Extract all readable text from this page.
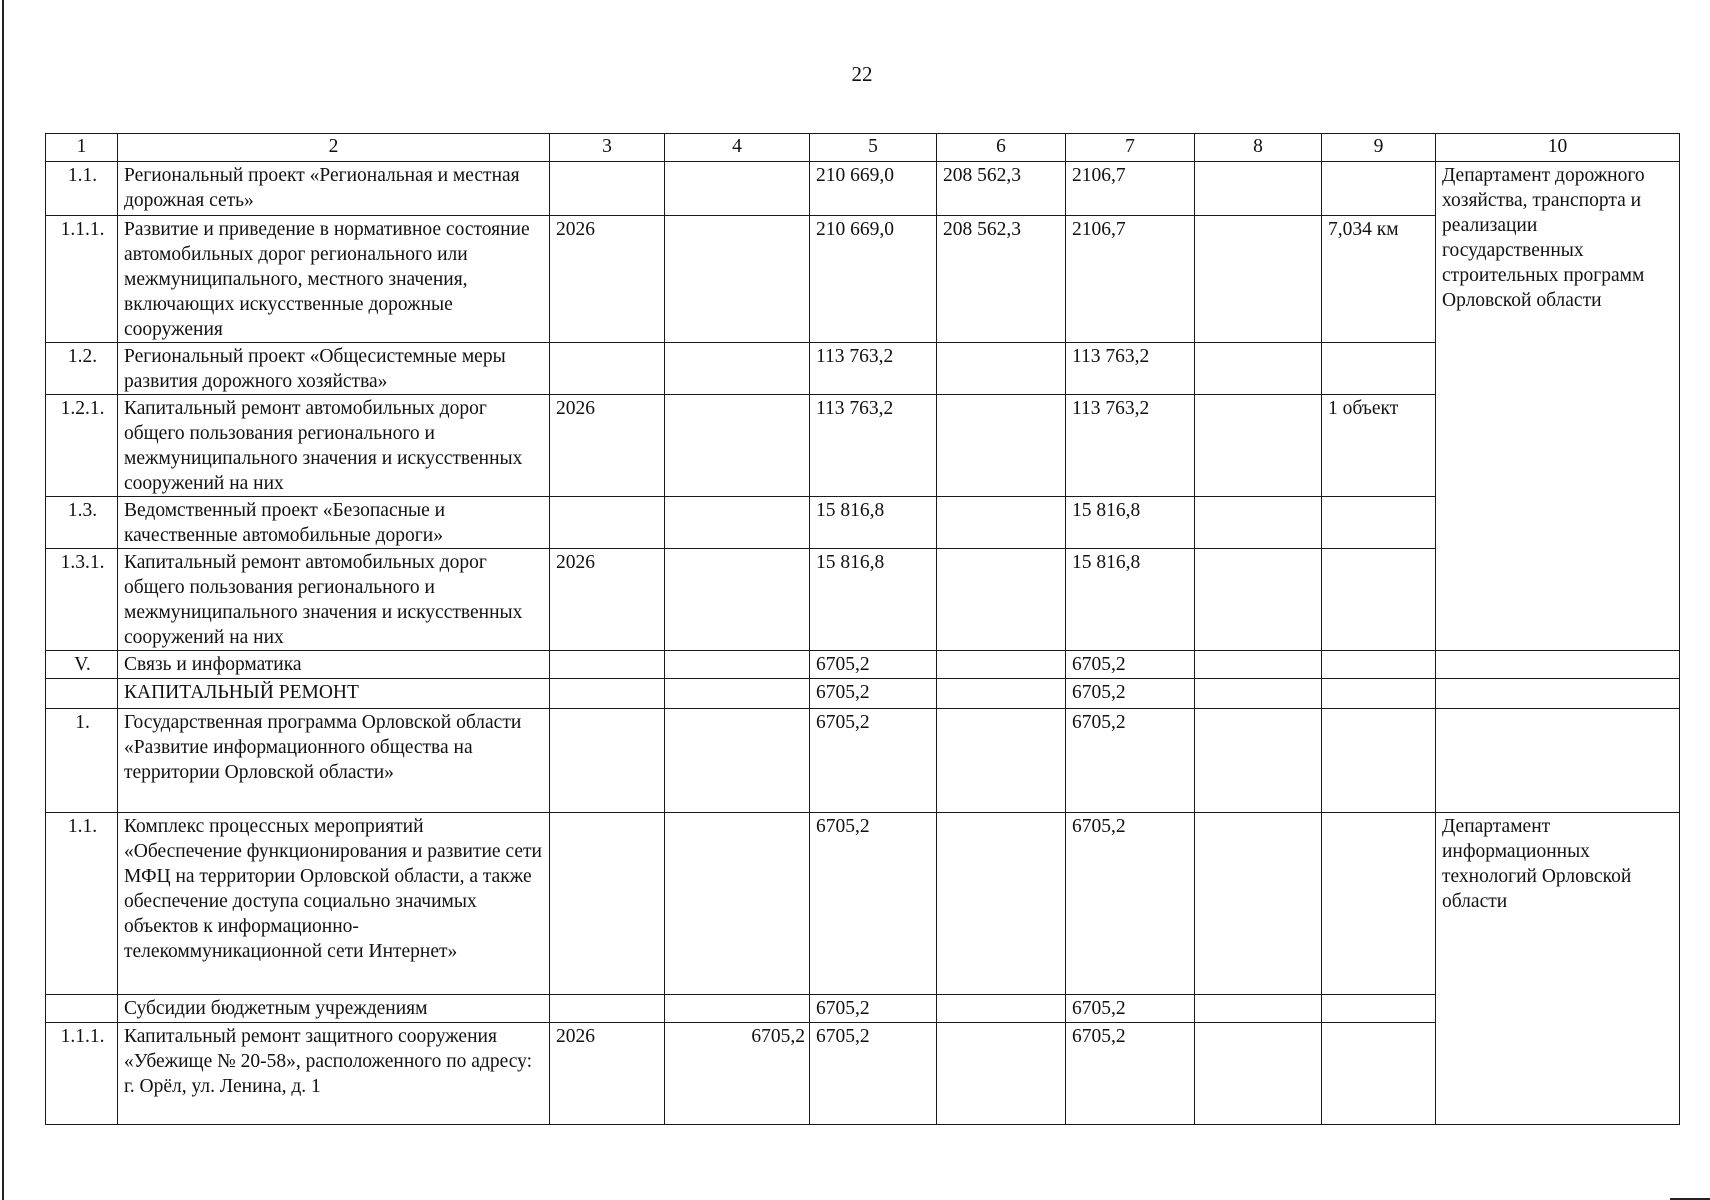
22
1	2	3	4	5	6	7	8	9	10
1.1.	Региональный проект «Региональная и местная дорожная сеть»			210 669,0	208 562,3	2106,7			Департамент дорожного хозяйства, транспорта и реализации государственных строительных программ Орловской области
1.1.1.	Развитие и приведение в нормативное состояние автомобильных дорог регионального или межмуниципального, местного значения, включающих искусственные дорожные сооружения	2026		210 669,0	208 562,3	2106,7		7,034 км	
1.2.	Региональный проект «Общесистемные меры развития дорожного хозяйства»			113 763,2		113 763,2			
1.2.1.	Капитальный ремонт автомобильных дорог общего пользования регионального и межмуниципального значения и искусственных сооружений на них	2026		113 763,2		113 763,2		1 объект	
1.3.	Ведомственный проект «Безопасные и качественные автомобильные дороги»			15 816,8		15 816,8			
1.3.1.	Капитальный ремонт автомобильных дорог общего пользования регионального и межмуниципального значения и искусственных сооружений на них	2026		15 816,8		15 816,8			
V.	Связь и информатика			6705,2		6705,2			
	КАПИТАЛЬНЫЙ РЕМОНТ			6705,2		6705,2			
1.	Государственная программа Орловской области «Развитие информационного общества на территории Орловской области»			6705,2		6705,2			
1.1.	Комплекс процессных мероприятий «Обеспечение функционирования и развитие сети МФЦ на территории Орловской области, а также обеспечение доступа социально значимых объектов к информационно-телекоммуникационной сети Интернет»			6705,2		6705,2			Департамент информационных технологий Орловской области
	Субсидии бюджетным учреждениям			6705,2		6705,2			
1.1.1.	Капитальный ремонт защитного сооружения «Убежище № 20-58», расположенного по адресу: г. Орёл, ул. Ленина, д. 1	2026	6705,2	6705,2		6705,2			
